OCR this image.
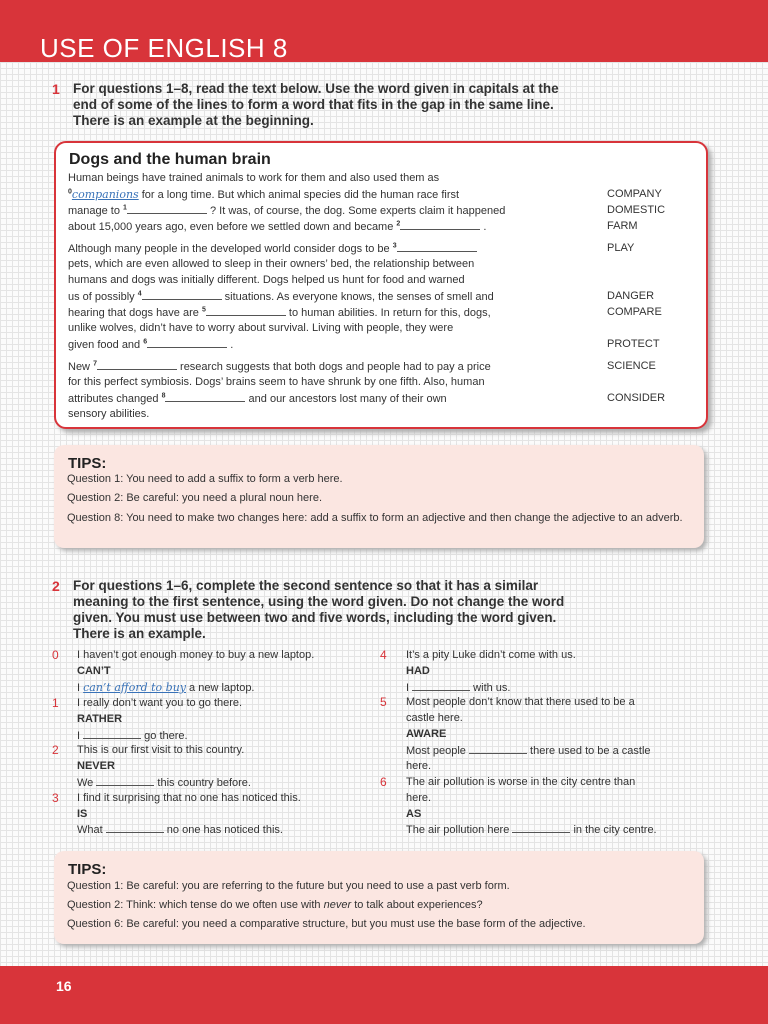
USE OF ENGLISH 8
1 For questions 1–8, read the text below. Use the word given in capitals at the
end of some of the lines to form a word that fits in the gap in the same line.
There is an example at the beginning.
Dogs and the human brain
Human beings have trained animals to work for them and also used them as
$^0$companions for a long time. But which animal species did the human race first
manage to $^1$	? It was, of course, the dog. Some experts claim it happened
about 15,000 years ago, even before we settled down and became $^2$	.
Although many people in the developed world consider dogs to be $^3$
pets, which are even allowed to sleep in their owners’ bed, the relationship between
humans and dogs was initially different. Dogs helped us hunt for food and warned
us of possibly $^4$	situations. As everyone knows, the senses of smell and
hearing that dogs have are $^5$	to human abilities. In return for this, dogs,
unlike wolves, didn’t have to worry about survival. Living with people, they were
given food and $^6$	.
New $^7$	research suggests that both dogs and people had to pay a price
for this perfect symbiosis. Dogs’ brains seem to have shrunk by one fifth. Also, human
attributes changed $^8$	and our ancestors lost many of their own
sensory abilities.
COMPANY
DOMESTIC
FARM
PLAY
DANGER
COMPARE
PROTECT
SCIENCE
CONSIDER
TIPS:
Question 1: You need to add a suffix to form a verb here.
Question 2: Be careful: you need a plural noun here.
Question 8: You need to make two changes here: add a suffix to form an adjective and then change the adjective to an adverb.
2 For questions 1–6, complete the second sentence so that it has a similar
meaning to the first sentence, using the word given. Do not change the word
given. You must use between two and five words, including the word given.
There is an example.
0 I haven’t got enough money to buy a new laptop.
CAN’T
I can’t afford to buy a new laptop.
1 I really don’t want you to go there.
RATHER
I	go there.
2 This is our first visit to this country.
NEVER
We	this country before.
3 I find it surprising that no one has noticed this.
IS
What	no one has noticed this.
4 It’s a pity Luke didn’t come with us.
HAD
I	with us.
5 Most people don’t know that there used to be a
castle here.
AWARE
Most people	there used to be a castle
here.
6 The air pollution is worse in the city centre than
here.
AS
The air pollution here	in the city centre.
TIPS:
Question 1: Be careful: you are referring to the future but you need to use a past verb form.
Question 2: Think: which tense do we often use with never to talk about experiences?
Question 6: Be careful: you need a comparative structure, but you must use the base form of the adjective.
16
